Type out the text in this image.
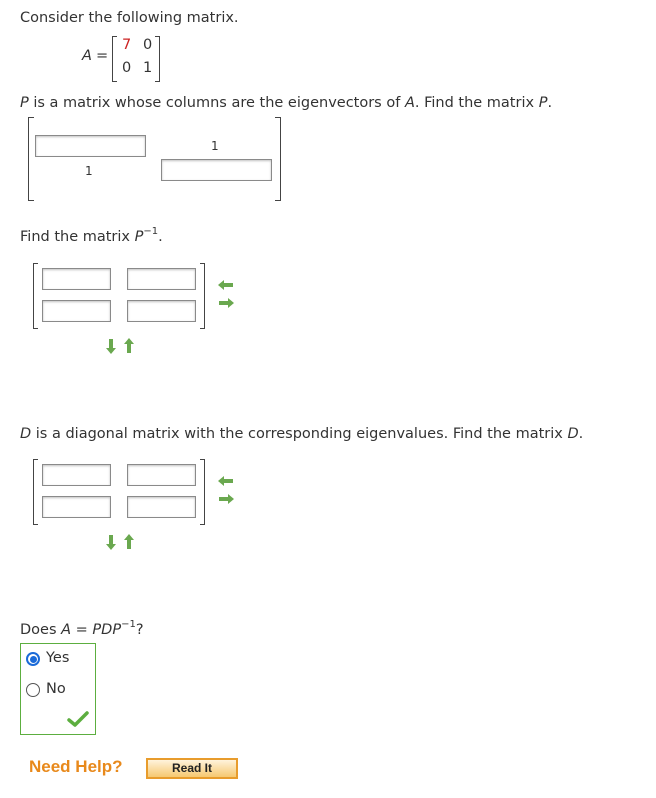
Consider the following matrix.
A =
7 0
0 1
P is a matrix whose columns are the eigenvectors of A. Find the matrix P.
1
1
Find the matrix $P^{-1}$.
D is a diagonal matrix with the corresponding eigenvalues. Find the matrix D.
Does $A = PDP^{-1}$?
Yes
No
Need Help?	Read It
